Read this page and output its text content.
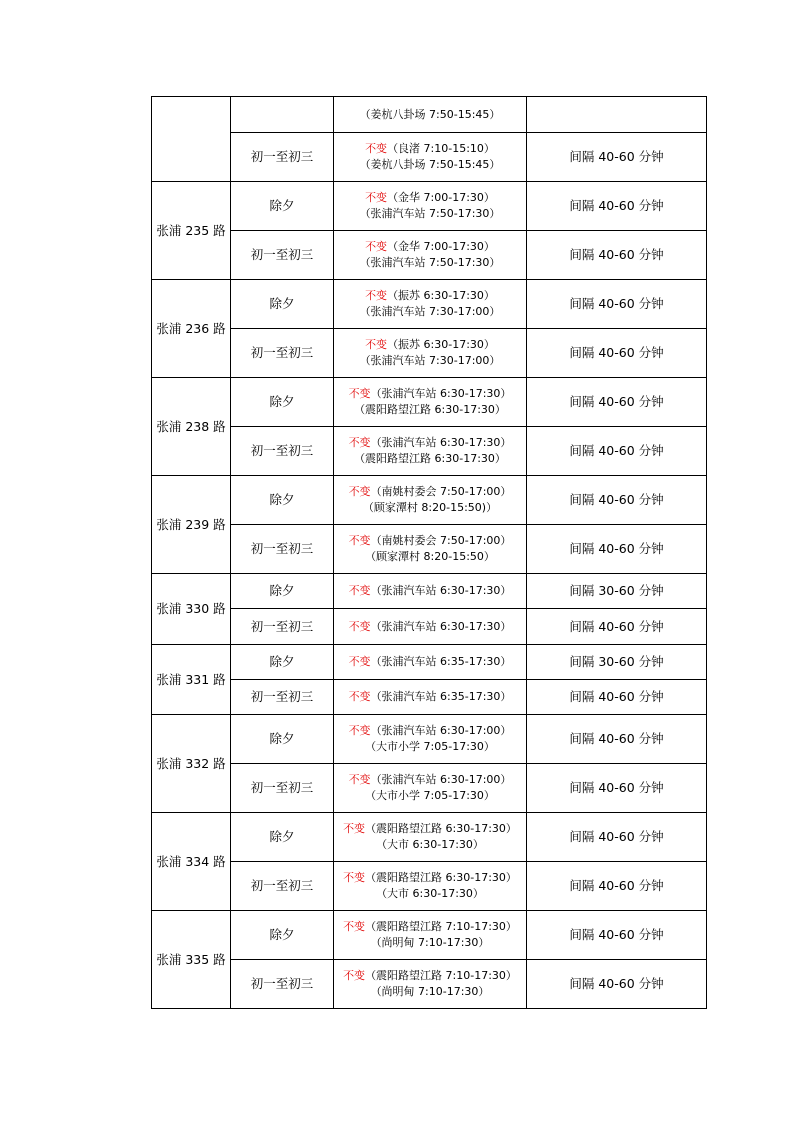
		（姜杭八卦场 7:50-15:45）	

	初一至初三	不变（良渚 7:10-15:10）
（姜杭八卦场 7:50-15:45）	间隔 40-60 分钟
张浦 235 路	除夕	不变（金华 7:00-17:30）
（张浦汽车站 7:50-17:30）	间隔 40-60 分钟
	初一至初三	不变（金华 7:00-17:30）
（张浦汽车站 7:50-17:30）	间隔 40-60 分钟
张浦 236 路	除夕	不变（振苏 6:30-17:30）
（张浦汽车站 7:30-17:00）	间隔 40-60 分钟
	初一至初三	不变（振苏 6:30-17:30）
（张浦汽车站 7:30-17:00）	间隔 40-60 分钟
张浦 238 路	除夕	不变（张浦汽车站 6:30-17:30）
（震阳路望江路 6:30-17:30）	间隔 40-60 分钟
	初一至初三	不变（张浦汽车站 6:30-17:30）
（震阳路望江路 6:30-17:30）	间隔 40-60 分钟
张浦 239 路	除夕	不变（南姚村委会 7:50-17:00）
（顾家潭村 8:20-15:50)）	间隔 40-60 分钟
	初一至初三	不变（南姚村委会 7:50-17:00）
（顾家潭村 8:20-15:50）	间隔 40-60 分钟
张浦 330 路	除夕	不变（张浦汽车站 6:30-17:30）	间隔 30-60 分钟
	初一至初三	不变（张浦汽车站 6:30-17:30）	间隔 40-60 分钟
张浦 331 路	除夕	不变（张浦汽车站 6:35-17:30）	间隔 30-60 分钟
	初一至初三	不变（张浦汽车站 6:35-17:30）	间隔 40-60 分钟
张浦 332 路	除夕	不变（张浦汽车站 6:30-17:00）
（大市小学 7:05-17:30）	间隔 40-60 分钟
	初一至初三	不变（张浦汽车站 6:30-17:00）
（大市小学 7:05-17:30）	间隔 40-60 分钟
张浦 334 路	除夕	不变（震阳路望江路 6:30-17:30）
（大市 6:30-17:30）	间隔 40-60 分钟
	初一至初三	不变（震阳路望江路 6:30-17:30）
（大市 6:30-17:30）	间隔 40-60 分钟
张浦 335 路	除夕	不变（震阳路望江路 7:10-17:30）
（尚明甸 7:10-17:30）	间隔 40-60 分钟
	初一至初三	不变（震阳路望江路 7:10-17:30）
（尚明甸 7:10-17:30）	间隔 40-60 分钟
